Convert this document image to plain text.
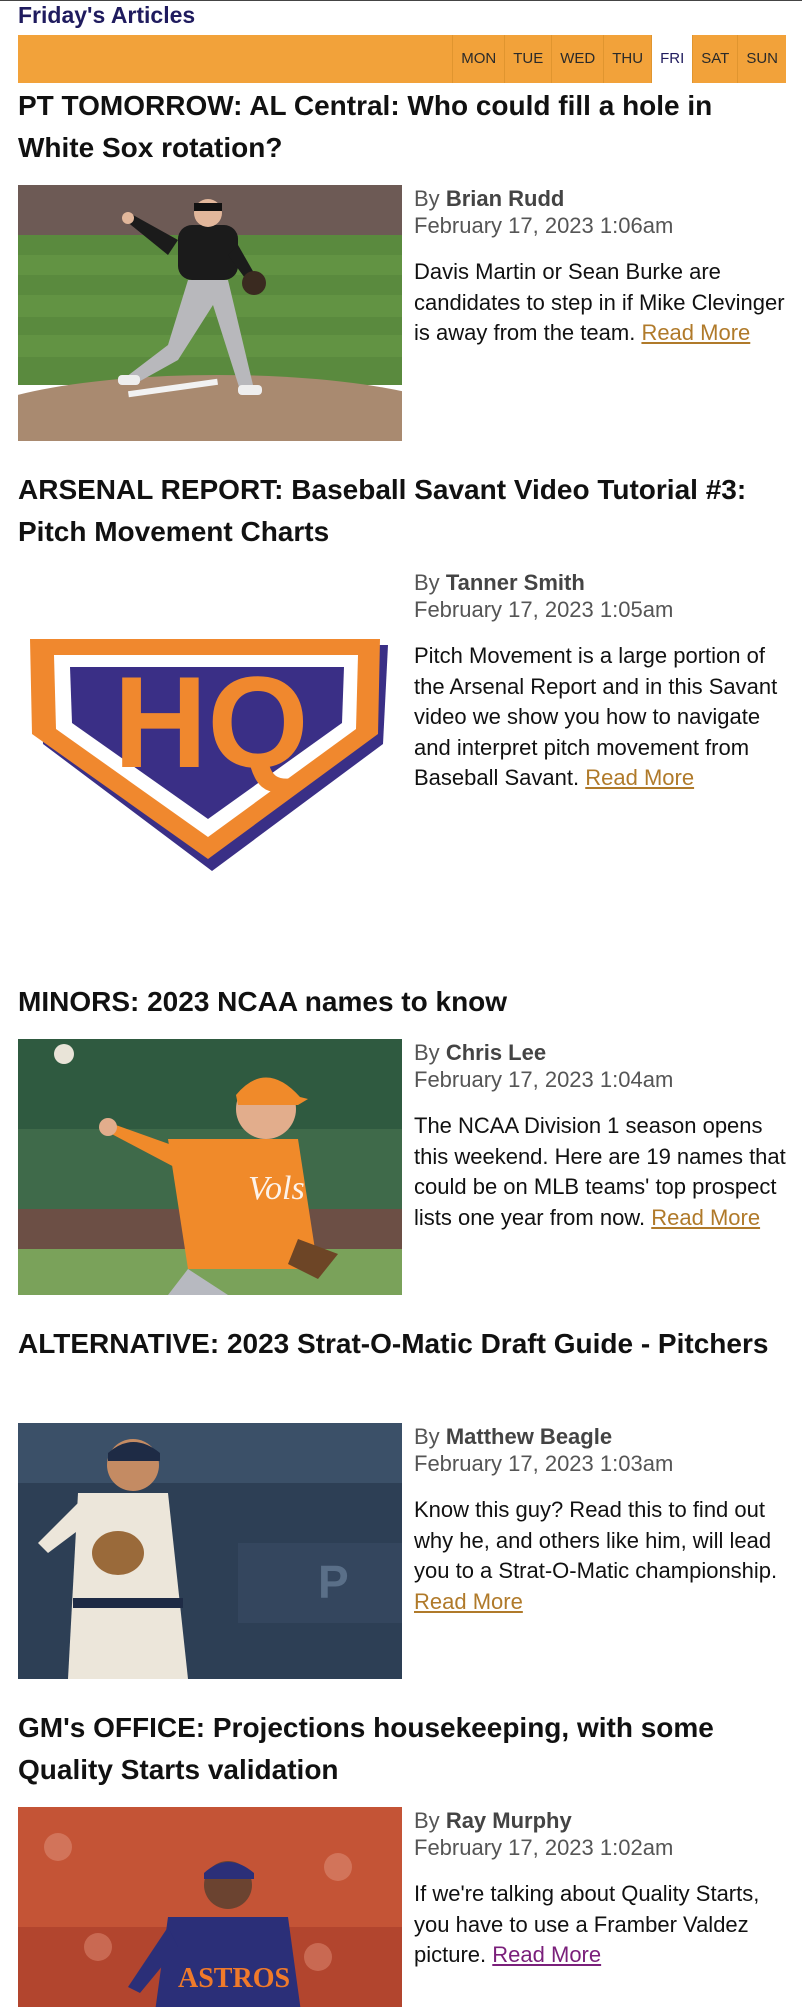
Friday's Articles
MON	TUE	WED	THU	FRI	SAT	SUN
PT TOMORROW: AL Central: Who could fill a hole in White Sox rotation?
By Brian Rudd
February 17, 2023 1:06am
Davis Martin or Sean Burke are candidates to step in if Mike Clevinger is away from the team. Read More
ARSENAL REPORT: Baseball Savant Video Tutorial #3: Pitch Movement Charts
HQ
By Tanner Smith
February 17, 2023 1:05am
Pitch Movement is a large portion of the Arsenal Report and in this Savant video we show you how to navigate and interpret pitch movement from Baseball Savant. Read More
MINORS: 2023 NCAA names to know
Vols
By Chris Lee
February 17, 2023 1:04am
The NCAA Division 1 season opens this weekend. Here are 19 names that could be on MLB teams' top prospect lists one year from now. Read More
ALTERNATIVE: 2023 Strat-O-Matic Draft Guide - Pitchers
P
By Matthew Beagle
February 17, 2023 1:03am
Know this guy? Read this to find out why he, and others like him, will lead you to a Strat-O-Matic championship. Read More
GM's OFFICE: Projections housekeeping, with some Quality Starts validation
ASTROS
By Ray Murphy
February 17, 2023 1:02am
If we're talking about Quality Starts, you have to use a Framber Valdez picture. Read More
